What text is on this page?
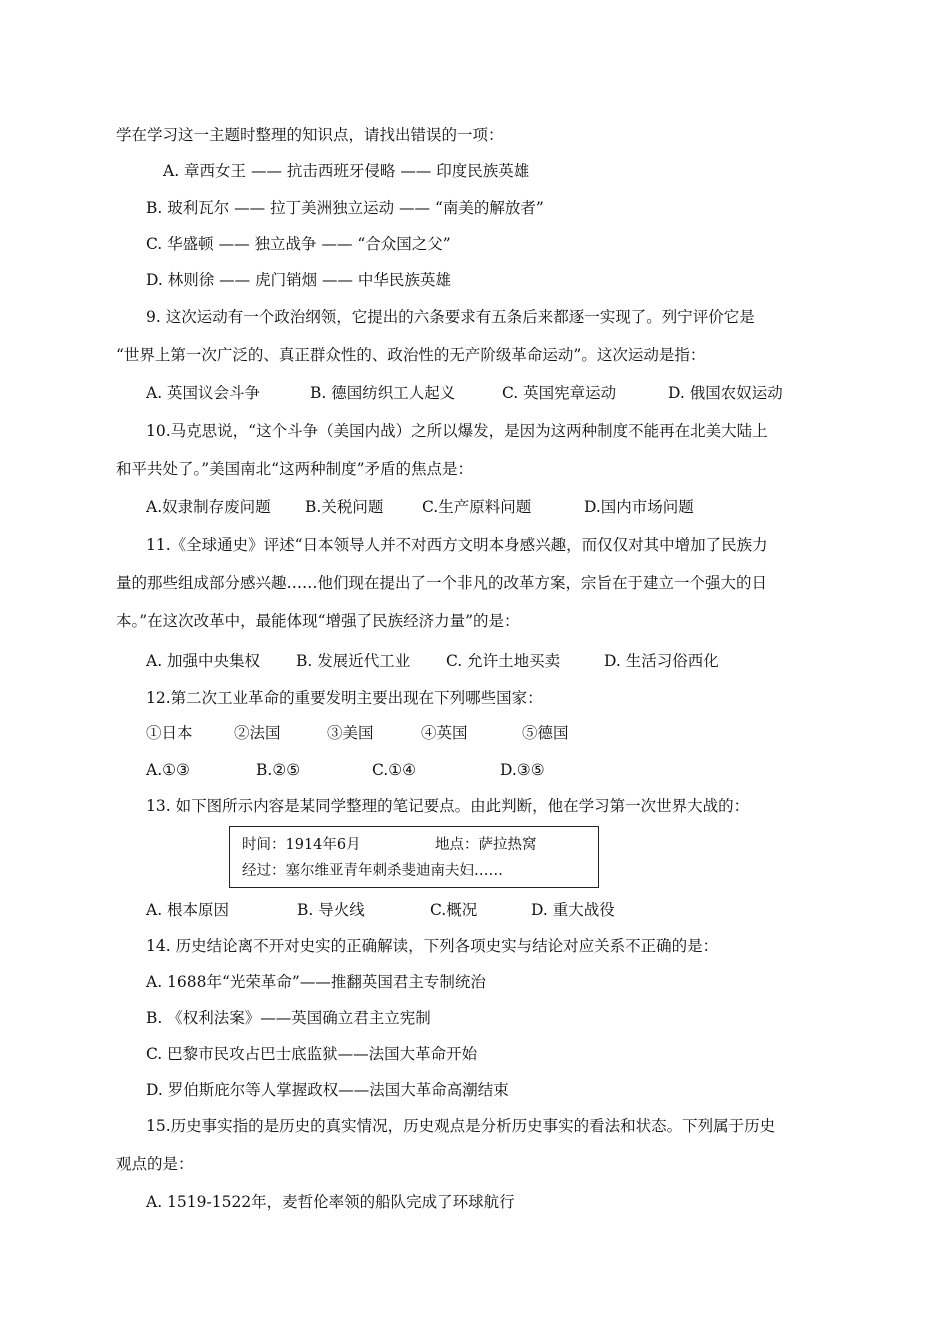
学在学习这一主题时整理的知识点，请找出错误的一项：
A. 章西女王 —— 抗击西班牙侵略 —— 印度民族英雄
B. 玻利瓦尔 —— 拉丁美洲独立运动 —— “南美的解放者”
C. 华盛顿 —— 独立战争 —— “合众国之父”
D. 林则徐 —— 虎门销烟 —— 中华民族英雄
9. 这次运动有一个政治纲领，它提出的六条要求有五条后来都逐一实现了。列宁评价它是
“世界上第一次广泛的、真正群众性的、政治性的无产阶级革命运动”。这次运动是指：
A. 英国议会斗争	B. 德国纺织工人起义	C. 英国宪章运动	D. 俄国农奴运动
10.马克思说，“这个斗争（美国内战）之所以爆发，是因为这两种制度不能再在北美大陆上
和平共处了。”美国南北“这两种制度”矛盾的焦点是：
A.奴隶制存废问题 B.关税问题 C.生产原料问题	D.国内市场问题
11.《全球通史》评述“日本领导人并不对西方文明本身感兴趣，而仅仅对其中增加了民族力
量的那些组成部分感兴趣……他们现在提出了一个非凡的改革方案，宗旨在于建立一个强大的日
本。”在这次改革中，最能体现“增强了民族经济力量”的是：
A. 加强中央集权 B. 发展近代工业 C. 允许土地买卖	D. 生活习俗西化
12.第二次工业革命的重要发明主要出现在下列哪些国家：
①日本	②法国	③美国	④英国	⑤德国
A.①③	B.②⑤	C.①④	D.③⑤
13. 如下图所示内容是某同学整理的笔记要点。由此判断，他在学习第一次世界大战的：
时间：1914年6月	地点：萨拉热窝
经过：塞尔维亚青年刺杀斐迪南夫妇……
A. 根本原因	B. 导火线	C.概况	D. 重大战役
14. 历史结论离不开对史实的正确解读，下列各项史实与结论对应关系不正确的是：
A. 1688年“光荣革命”——推翻英国君主专制统治
B. 《权利法案》——英国确立君主立宪制
C. 巴黎市民攻占巴士底监狱——法国大革命开始
D. 罗伯斯庇尔等人掌握政权——法国大革命高潮结束
15.历史事实指的是历史的真实情况，历史观点是分析历史事实的看法和状态。下列属于历史
观点的是：
A. 1519-1522年，麦哲伦率领的船队完成了环球航行
